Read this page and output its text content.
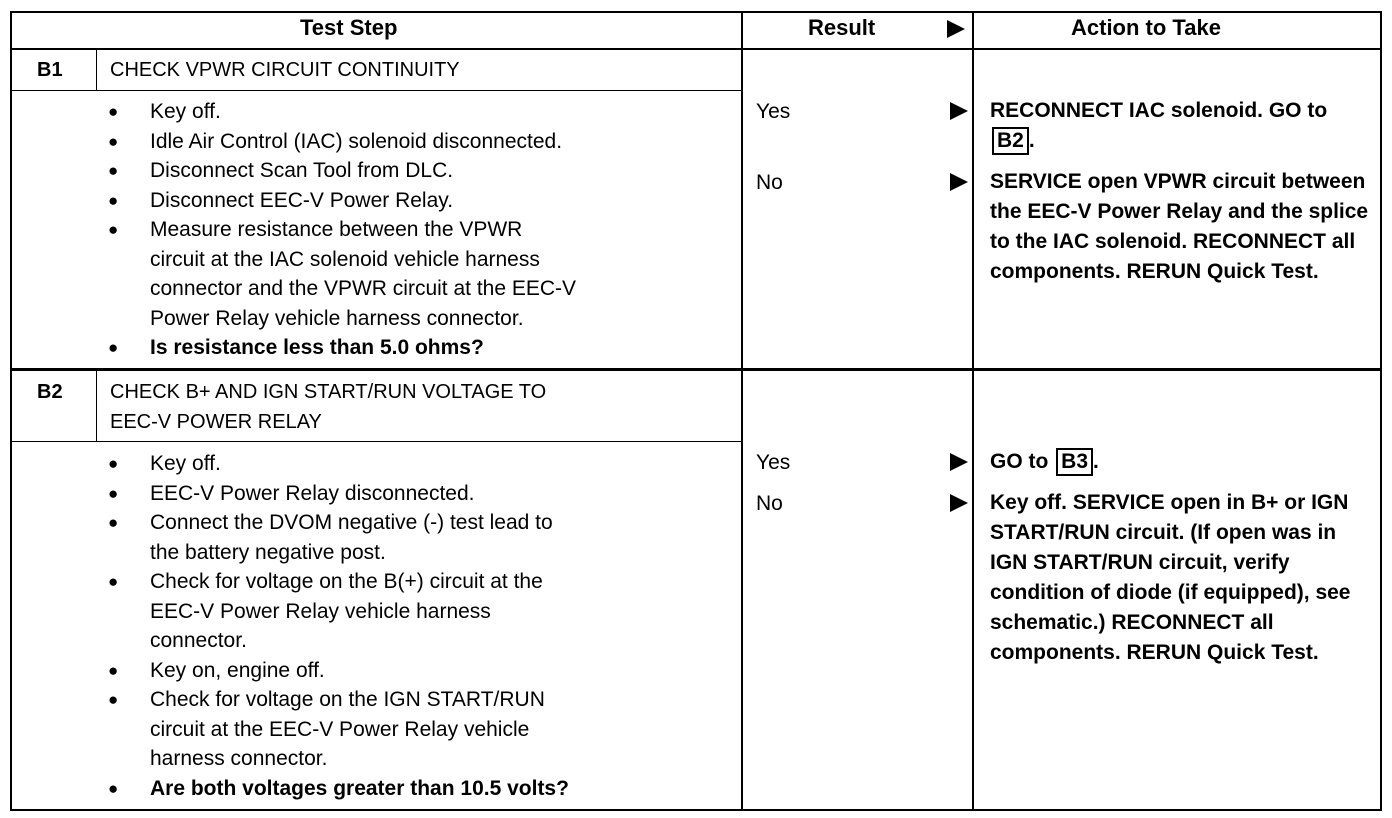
Test Step	Result	Action to Take
B1 CHECK VPWR CIRCUIT CONTINUITY
● Key off.
● Idle Air Control (IAC) solenoid disconnected.
● Disconnect Scan Tool from DLC.
● Disconnect EEC-V Power Relay.
● Measure resistance between the VPWR
circuit at the IAC solenoid vehicle harness
connector and the VPWR circuit at the EEC-V
Power Relay vehicle harness connector.
● Is resistance less than 5.0 ohms?
Yes	RECONNECT IAC solenoid. GO to B2 .
No	SERVICE open VPWR circuit between the EEC-V Power Relay and the splice to the IAC solenoid. RECONNECT all components. RERUN Quick Test.
B2 CHECK B+ AND IGN START/RUN VOLTAGE TO
EEC-V POWER RELAY
● Key off.
● EEC-V Power Relay disconnected.
● Connect the DVOM negative (-) test lead to
the battery negative post.
● Check for voltage on the B(+) circuit at the
EEC-V Power Relay vehicle harness
connector.
● Key on, engine off.
● Check for voltage on the IGN START/RUN
circuit at the EEC-V Power Relay vehicle
harness connector.
● Are both voltages greater than 10.5 volts?
Yes	GO to B3 .
No	Key off. SERVICE open in B+ or IGN START/RUN circuit. (If open was in IGN START/RUN circuit, verify condition of diode (if equipped), see schematic.) RECONNECT all components. RERUN Quick Test.
